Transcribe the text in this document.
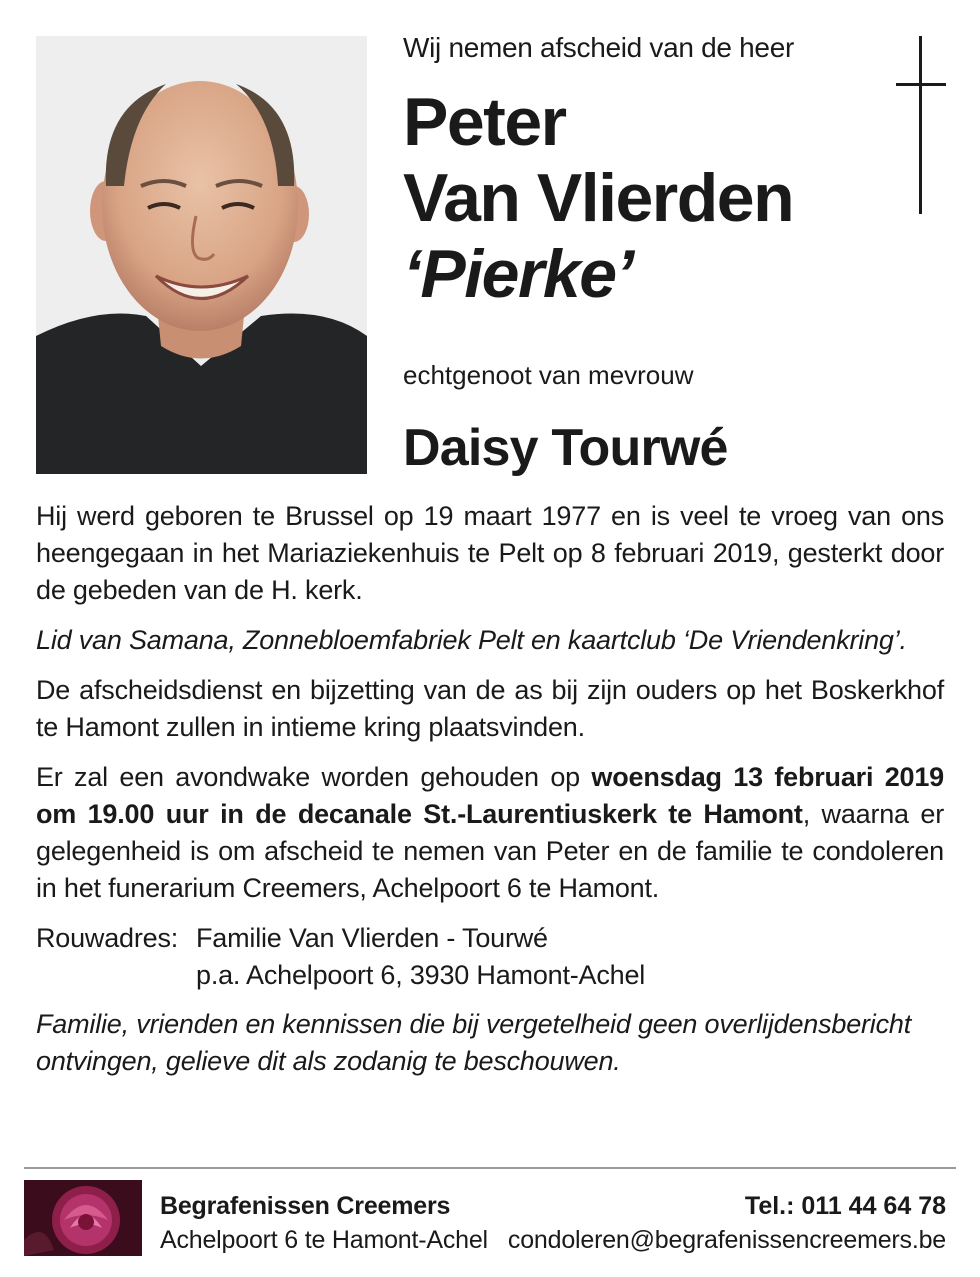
Wij nemen afscheid van de heer
Peter
Van Vlierden
‘Pierke’
echtgenoot van mevrouw
Daisy Tourwé

Hij werd geboren te Brussel op 19 maart 1977 en is veel te vroeg van ons heengegaan in het Mariaziekenhuis te Pelt op 8 februari 2019, gesterkt door de gebeden van de H. kerk.

Lid van Samana, Zonnebloemfabriek Pelt en kaartclub ‘De Vriendenkring’.

De afscheidsdienst en bijzetting van de as bij zijn ouders op het Boskerkhof te Hamont zullen in intieme kring plaatsvinden.

Er zal een avondwake worden gehouden op woensdag 13 februari 2019 om 19.00 uur in de decanale St.-Laurentiuskerk te Hamont, waarna er gelegenheid is om afscheid te nemen van Peter en de familie te condoleren in het funerarium Creemers, Achelpoort 6 te Hamont.

Rouwadres: Familie Van Vlierden - Tourwé
p.a. Achelpoort 6, 3930 Hamont-Achel

Familie, vrienden en kennissen die bij vergetelheid geen overlijdensbericht ontvingen, gelieve dit als zodanig te beschouwen.

Begrafenissen Creemers
Achelpoort 6 te Hamont-Achel
Tel.: 011 44 64 78
condoleren@begrafenissencreemers.be
